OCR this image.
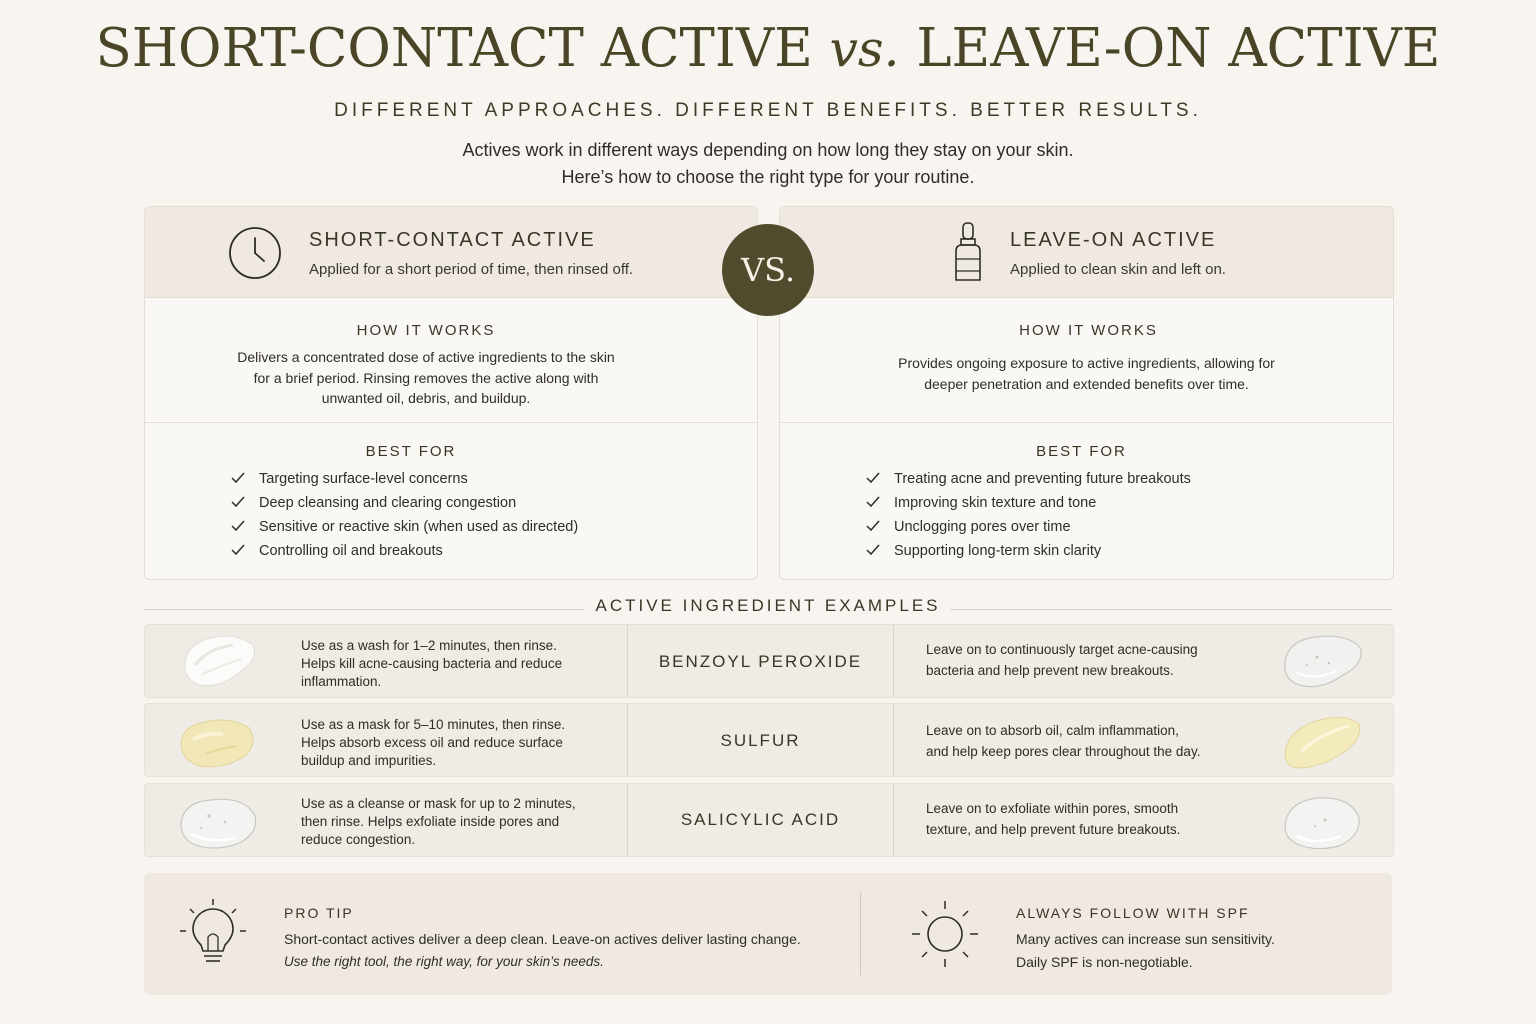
SHORT-CONTACT ACTIVE vs. LEAVE-ON ACTIVE
DIFFERENT APPROACHES. DIFFERENT BENEFITS. BETTER RESULTS.
Actives work in different ways depending on how long they stay on your skin.
Here’s how to choose the right type for your routine.
SHORT-CONTACT ACTIVE
Applied for a short period of time, then rinsed off.
HOW IT WORKS
Delivers a concentrated dose of active ingredients to the skin
for a brief period. Rinsing removes the active along with
unwanted oil, debris, and buildup.
BEST FOR
Targeting surface-level concerns
Deep cleansing and clearing congestion
Sensitive or reactive skin (when used as directed)
Controlling oil and breakouts
LEAVE-ON ACTIVE
Applied to clean skin and left on.
HOW IT WORKS
Provides ongoing exposure to active ingredients, allowing for
deeper penetration and extended benefits over time.
BEST FOR
Treating acne and preventing future breakouts
Improving skin texture and tone
Unclogging pores over time
Supporting long-term skin clarity
VS.
ACTIVE INGREDIENT EXAMPLES
Use as a wash for 1–2 minutes, then rinse.
Helps kill acne-causing bacteria and reduce
inflammation.
BENZOYL PEROXIDE
Leave on to continuously target acne-causing
bacteria and help prevent new breakouts.
Use as a mask for 5–10 minutes, then rinse.
Helps absorb excess oil and reduce surface
buildup and impurities.
SULFUR
Leave on to absorb oil, calm inflammation,
and help keep pores clear throughout the day.
Use as a cleanse or mask for up to 2 minutes,
then rinse. Helps exfoliate inside pores and
reduce congestion.
SALICYLIC ACID
Leave on to exfoliate within pores, smooth
texture, and help prevent future breakouts.
PRO TIP
Short-contact actives deliver a deep clean. Leave-on actives deliver lasting change.
Use the right tool, the right way, for your skin’s needs.
ALWAYS FOLLOW WITH SPF
Many actives can increase sun sensitivity.
Daily SPF is non-negotiable.
